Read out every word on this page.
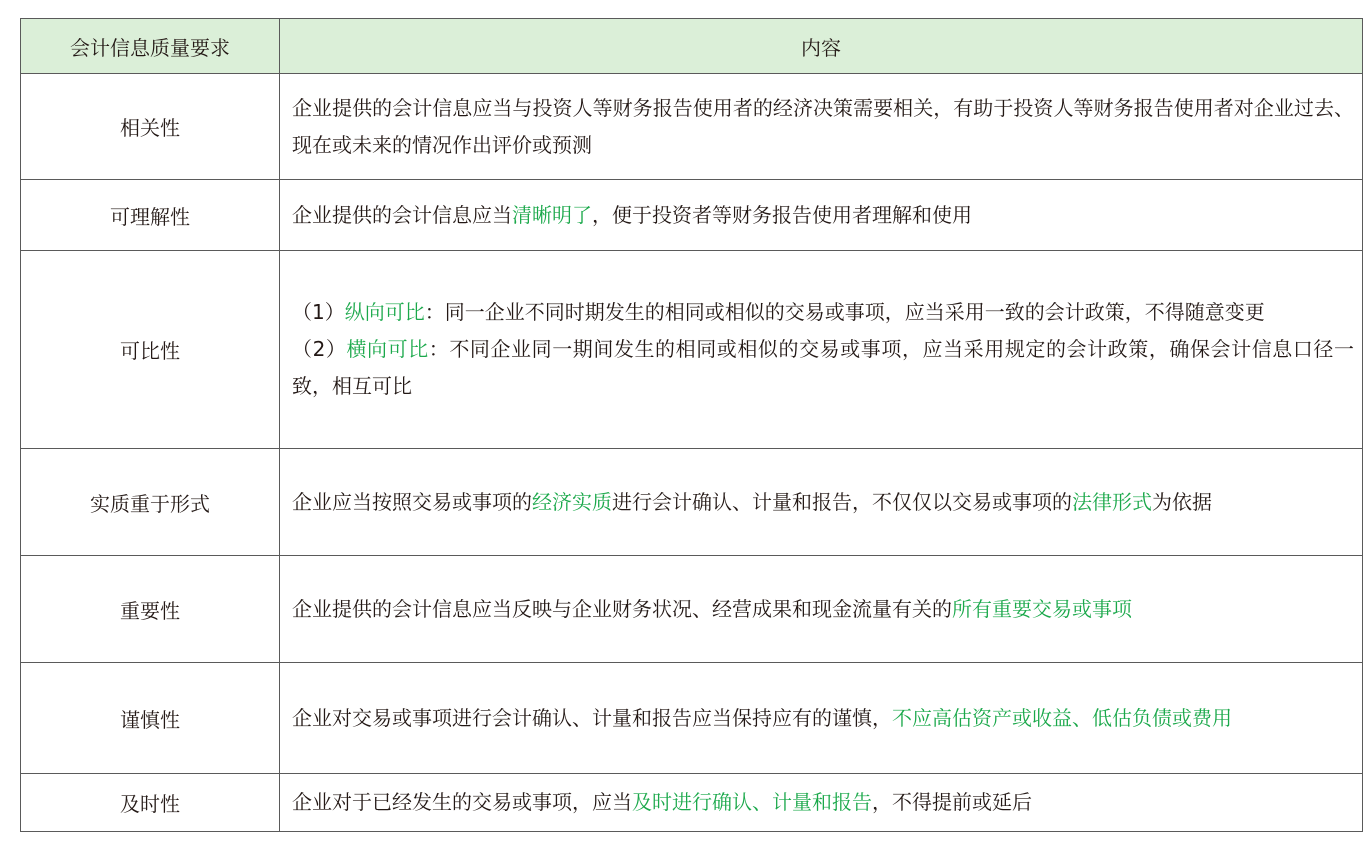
会计信息质量要求	内容
相关性	企业提供的会计信息应当与投资人等财务报告使用者的经济决策需要相关，有助于投资人等财务报告使用者对企业过去、现在或未来的情况作出评价或预测

可理解性	企业提供的会计信息应当清晰明了，便于投资者等财务报告使用者理解和使用

可比性	（1）纵向可比：同一企业不同时期发生的相同或相似的交易或事项，应当采用一致的会计政策，不得随意变更
（2）横向可比：不同企业同一期间发生的相同或相似的交易或事项，应当采用规定的会计政策，确保会计信息口径一致，相互可比

实质重于形式	企业应当按照交易或事项的经济实质进行会计确认、计量和报告，不仅仅以交易或事项的法律形式为依据

重要性	企业提供的会计信息应当反映与企业财务状况、经营成果和现金流量有关的所有重要交易或事项

谨慎性	企业对交易或事项进行会计确认、计量和报告应当保持应有的谨慎，不应高估资产或收益、低估负债或费用

及时性	企业对于已经发生的交易或事项，应当及时进行确认、计量和报告，不得提前或延后
